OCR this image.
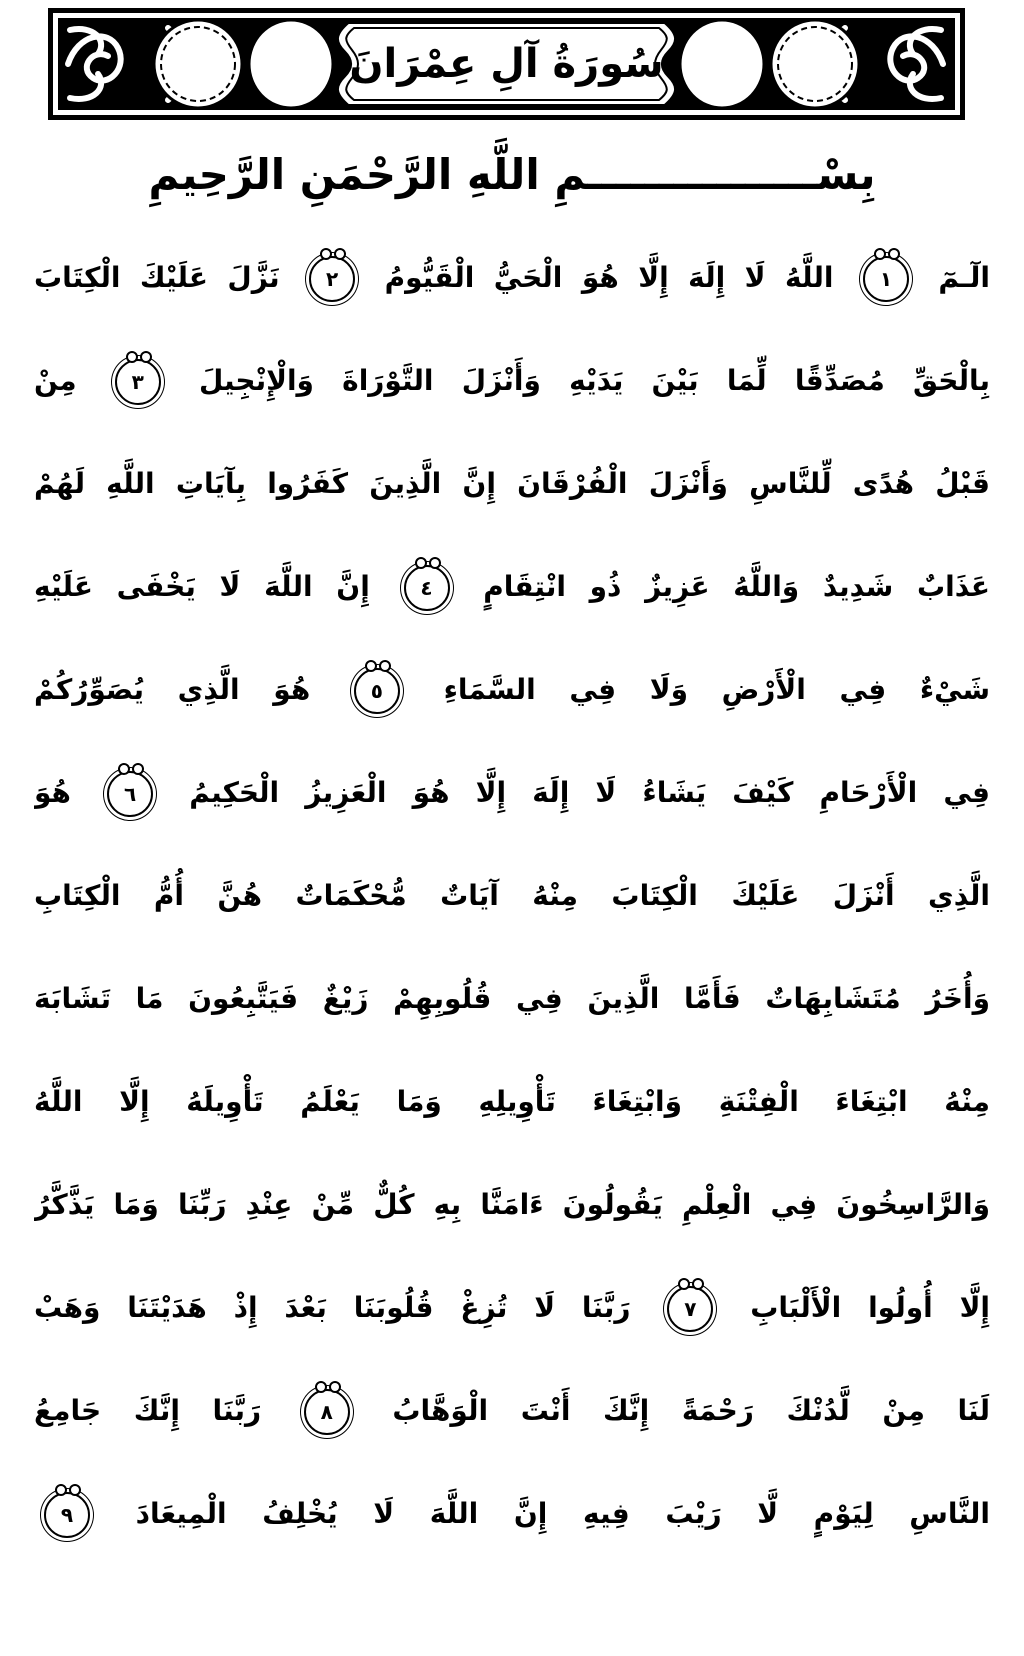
سُورَةُ آلِ عِمْرَانَ
بِسْــــــــــــــــمِ اللَّهِ الرَّحْمَنِ الرَّحِيمِ
الٓـمٓ ١ اللَّهُ لَا إِلَهَ إِلَّا هُوَ الْحَيُّ الْقَيُّومُ ٢ نَزَّلَ عَلَيْكَ الْكِتَابَ
بِالْحَقِّ مُصَدِّقًا لِّمَا بَيْنَ يَدَيْهِ وَأَنْزَلَ التَّوْرَاةَ وَالْإِنْجِيلَ ٣ مِنْ
قَبْلُ هُدًى لِّلنَّاسِ وَأَنْزَلَ الْفُرْقَانَ إِنَّ الَّذِينَ كَفَرُوا بِآيَاتِ اللَّهِ لَهُمْ
عَذَابٌ شَدِيدٌ وَاللَّهُ عَزِيزٌ ذُو انْتِقَامٍ ٤ إِنَّ اللَّهَ لَا يَخْفَى عَلَيْهِ
شَيْءٌ فِي الْأَرْضِ وَلَا فِي السَّمَاءِ ٥ هُوَ الَّذِي يُصَوِّرُكُمْ
فِي الْأَرْحَامِ كَيْفَ يَشَاءُ لَا إِلَهَ إِلَّا هُوَ الْعَزِيزُ الْحَكِيمُ ٦ هُوَ
الَّذِي أَنْزَلَ عَلَيْكَ الْكِتَابَ مِنْهُ آيَاتٌ مُّحْكَمَاتٌ هُنَّ أُمُّ الْكِتَابِ
وَأُخَرُ مُتَشَابِهَاتٌ فَأَمَّا الَّذِينَ فِي قُلُوبِهِمْ زَيْغٌ فَيَتَّبِعُونَ مَا تَشَابَهَ
مِنْهُ ابْتِغَاءَ الْفِتْنَةِ وَابْتِغَاءَ تَأْوِيلِهِ وَمَا يَعْلَمُ تَأْوِيلَهُ إِلَّا اللَّهُ
وَالرَّاسِخُونَ فِي الْعِلْمِ يَقُولُونَ ءَامَنَّا بِهِ كُلٌّ مِّنْ عِنْدِ رَبِّنَا وَمَا يَذَّكَّرُ
إِلَّا أُولُوا الْأَلْبَابِ ٧ رَبَّنَا لَا تُزِغْ قُلُوبَنَا بَعْدَ إِذْ هَدَيْتَنَا وَهَبْ
لَنَا مِنْ لَّدُنْكَ رَحْمَةً إِنَّكَ أَنْتَ الْوَهَّابُ ٨ رَبَّنَا إِنَّكَ جَامِعُ
النَّاسِ لِيَوْمٍ لَّا رَيْبَ فِيهِ إِنَّ اللَّهَ لَا يُخْلِفُ الْمِيعَادَ ٩
